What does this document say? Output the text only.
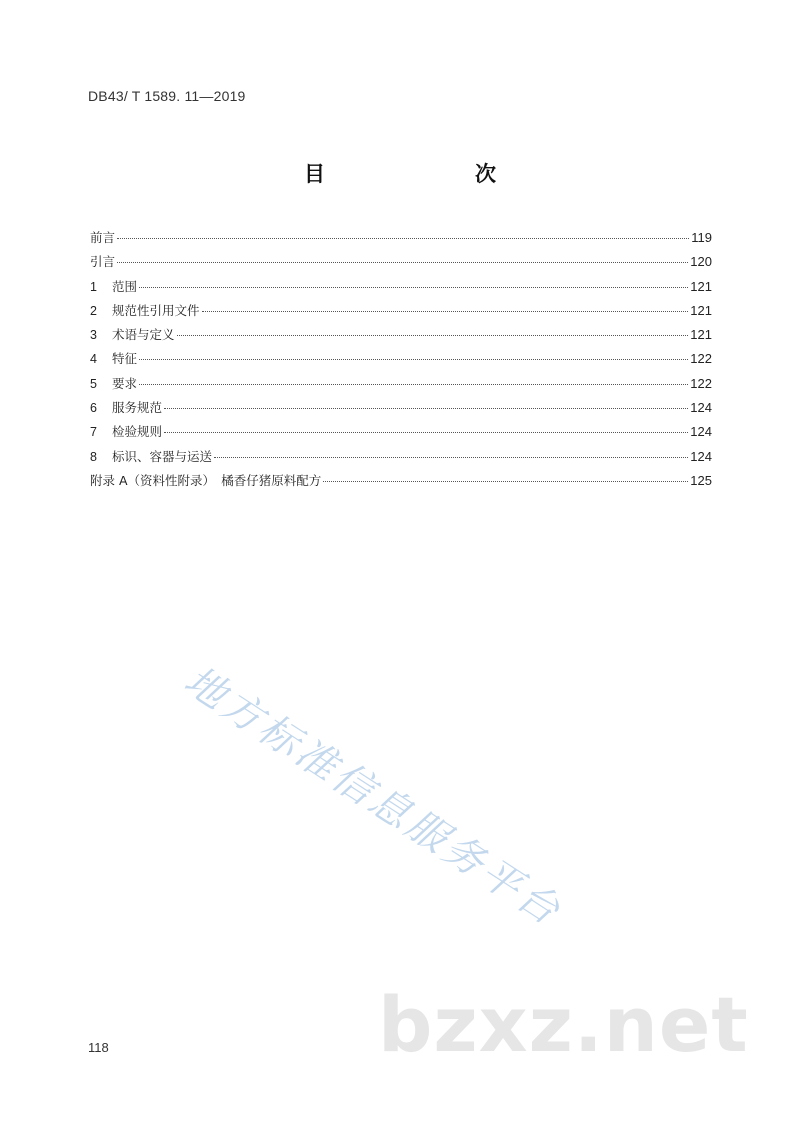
DB43/ T 1589. 11—2019
目　　次
前言	119
引言	120
1	范围	121
2	规范性引用文件	121
3	术语与定义	121
4	特征	122
5	要求	122
6	服务规范	124
7	检验规则	124
8	标识、容器与运送	124
附录 A（资料性附录）　橘香仔猪原料配方	125
地方标准信息服务平台
bzxz.net
118
